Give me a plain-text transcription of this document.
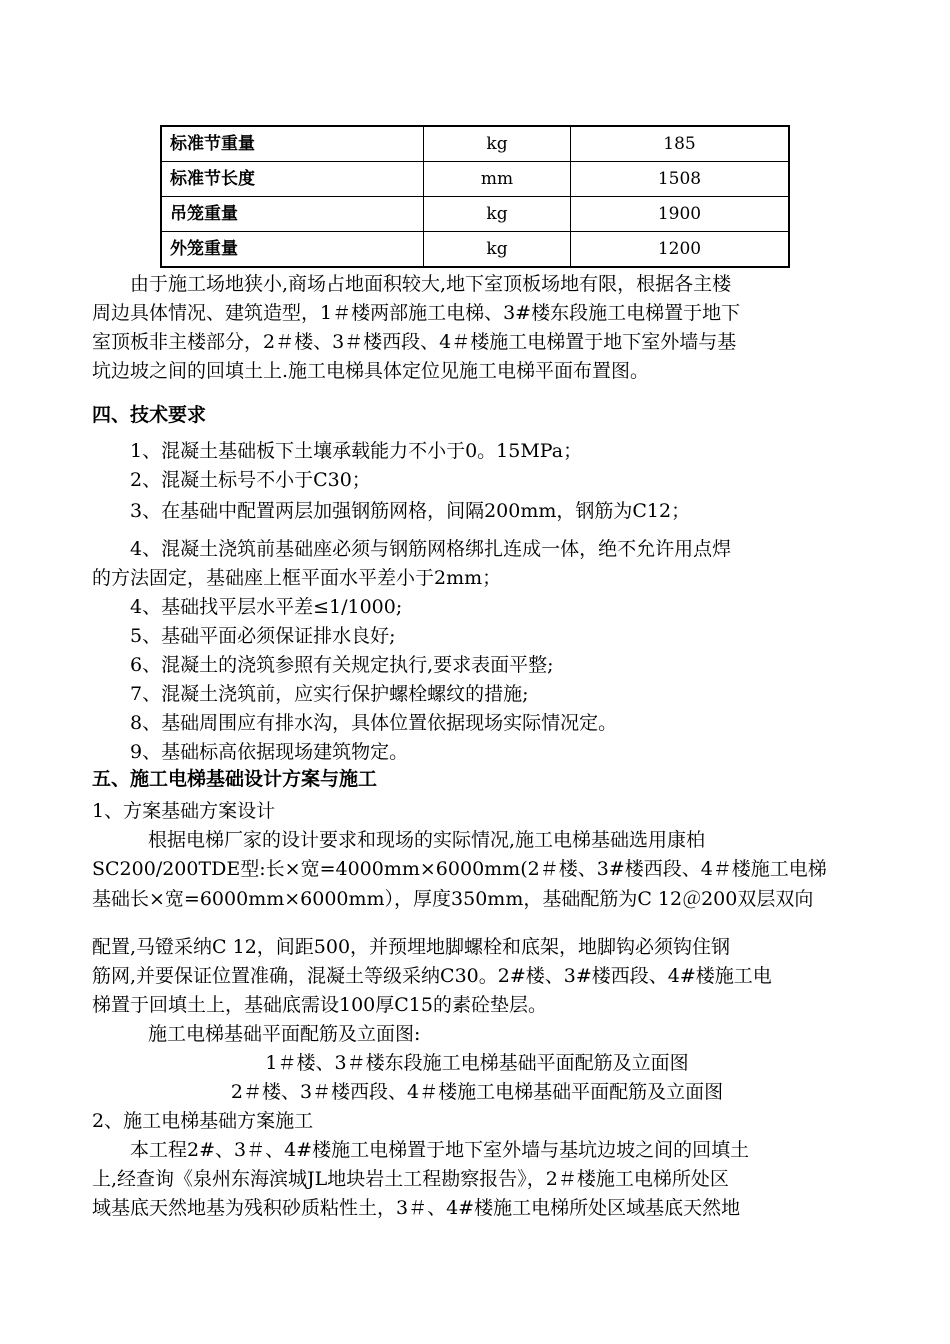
标准节重量	kg	185
标准节长度	mm	1508
吊笼重量	kg	1900
外笼重量	kg	1200
由于施工场地狭小,商场占地面积较大,地下室顶板场地有限，根据各主楼
周边具体情况、建筑造型，1＃楼两部施工电梯、3#楼东段施工电梯置于地下
室顶板非主楼部分，2＃楼、3＃楼西段、4＃楼施工电梯置于地下室外墙与基
坑边坡之间的回填土上.施工电梯具体定位见施工电梯平面布置图。
四、技术要求
1、混凝土基础板下土壤承载能力不小于0。15MPa；
2、混凝土标号不小于C30；
3、在基础中配置两层加强钢筋网格，间隔200mm，钢筋为C12；
4、混凝土浇筑前基础座必须与钢筋网格绑扎连成一体，绝不允许用点焊
的方法固定，基础座上框平面水平差小于2mm；
4、基础找平层水平差≤1/1000;
5、基础平面必须保证排水良好;
6、混凝土的浇筑参照有关规定执行,要求表面平整;
7、混凝土浇筑前，应实行保护螺栓螺纹的措施;
8、基础周围应有排水沟，具体位置依据现场实际情况定。
9、基础标高依据现场建筑物定。
五、施工电梯基础设计方案与施工
1、方案基础方案设计
根据电梯厂家的设计要求和现场的实际情况,施工电梯基础选用康柏
SC200/200TDE型:长×宽=4000mm×6000mm(2＃楼、3#楼西段、4＃楼施工电梯
基础长×宽=6000mm×6000mm），厚度350mm，基础配筋为C 12＠200双层双向
配置,马镫采纳C 12，间距500，并预埋地脚螺栓和底架，地脚钩必须钩住钢
筋网,并要保证位置准确，混凝土等级采纳C30。2#楼、3#楼西段、4#楼施工电
梯置于回填土上，基础底需设100厚C15的素砼垫层。
施工电梯基础平面配筋及立面图:
1＃楼、3＃楼东段施工电梯基础平面配筋及立面图
2＃楼、3＃楼西段、4＃楼施工电梯基础平面配筋及立面图
2、施工电梯基础方案施工
本工程2#、3＃、4#楼施工电梯置于地下室外墙与基坑边坡之间的回填土
上,经查询《泉州东海滨城JL地块岩土工程勘察报告》，2＃楼施工电梯所处区
域基底天然地基为残积砂质粘性土，3＃、4#楼施工电梯所处区域基底天然地
